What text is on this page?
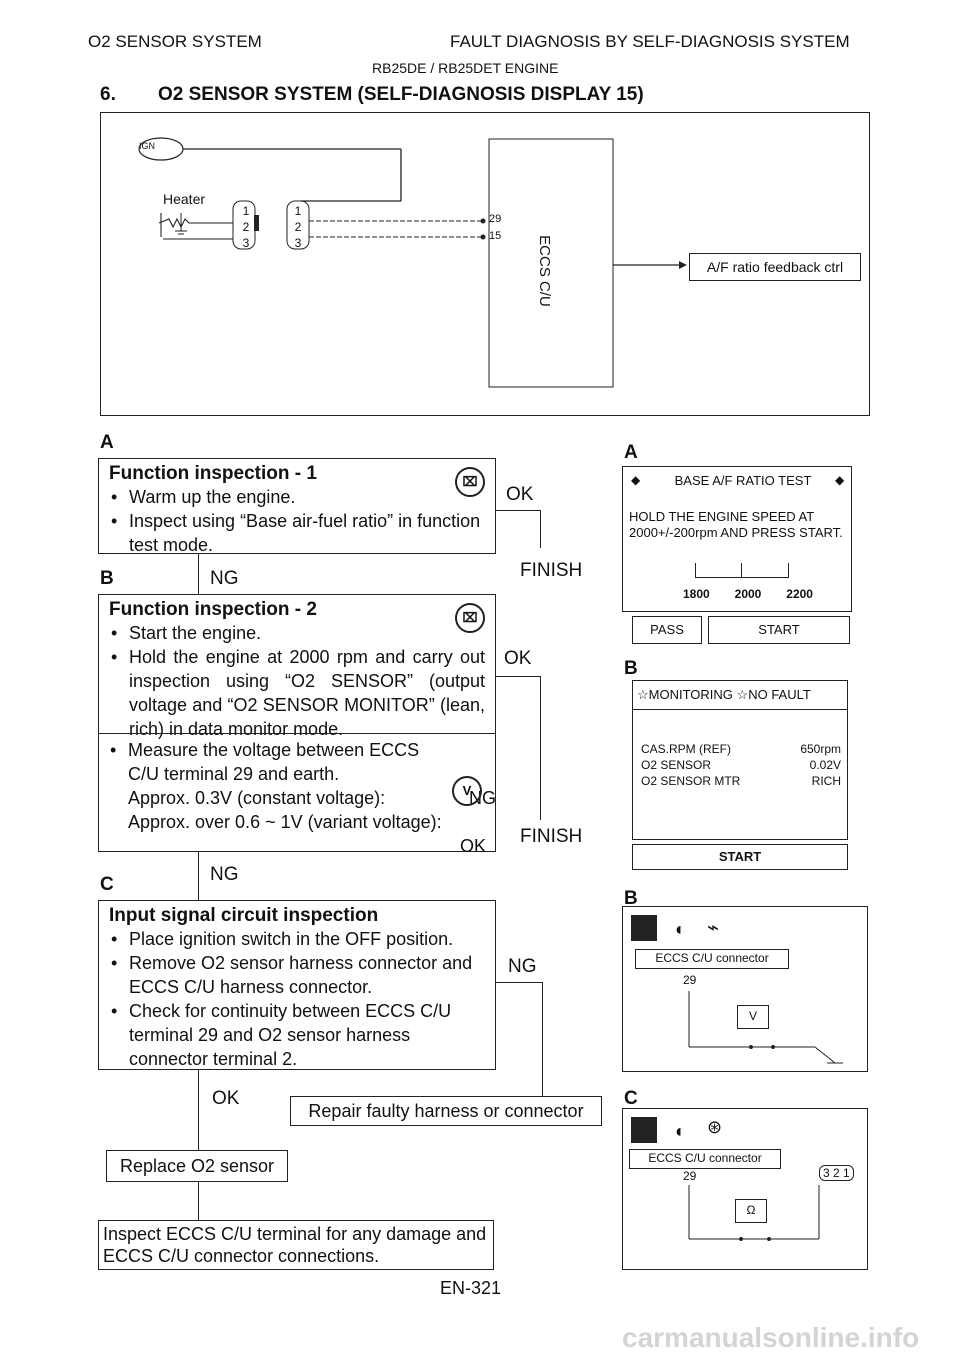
O2 SENSOR SYSTEM	FAULT DIAGNOSIS BY SELF-DIAGNOSIS SYSTEM
RB25DE / RB25DET ENGINE
6. O2 SENSOR SYSTEM (SELF-DIAGNOSIS DISPLAY 15)
IGN
Heater
1
2
3
1
2
3
29
15 ECCS C/U	A/F ratio feedback ctrl
A
Function inspection - 1
• Warm up the engine.
• Inspect using “Base air-fuel ratio” in function test mode.
⌧
OK
FINISH
B	NG
Function inspection - 2
• Start the engine.
• Hold the engine at 2000 rpm and carry out inspection using “O2 SENSOR” (output voltage and “O2 SENSOR MONITOR” (lean, rich) in data monitor mode.
⌧
• Measure the voltage between ECCS C/U terminal 29 and earth.
Approx. 0.3V (constant voltage):	NG
Approx. over 0.6 ~ 1V (variant voltage):
OK
V
OK
FINISH
C	NG
Input signal circuit inspection
• Place ignition switch in the OFF position.
• Remove O2 sensor harness connector and ECCS C/U harness connector.
• Check for continuity between ECCS C/U terminal 29 and O2 sensor harness connector terminal 2.
NG
OK
Repair faulty harness or connector
Replace O2 sensor
Inspect ECCS C/U terminal for any damage and ECCS C/U connector connections.
A
◆	BASE A/F RATIO TEST	◆
HOLD THE ENGINE SPEED AT 2000+/-200rpm AND PRESS START.
1800 2000 2200
PASS	START
B
☆MONITORING ☆NO FAULT
CAS.RPM (REF)	650rpm
O2 SENSOR	0.02V
O2 SENSOR MTR	RICH
START
B
◐ ⌁
ECCS C/U connector
29
V
C
◐ ⊛
ECCS C/U connector
29	3 2 1
Ω
EN-321
carmanualsonline.info
